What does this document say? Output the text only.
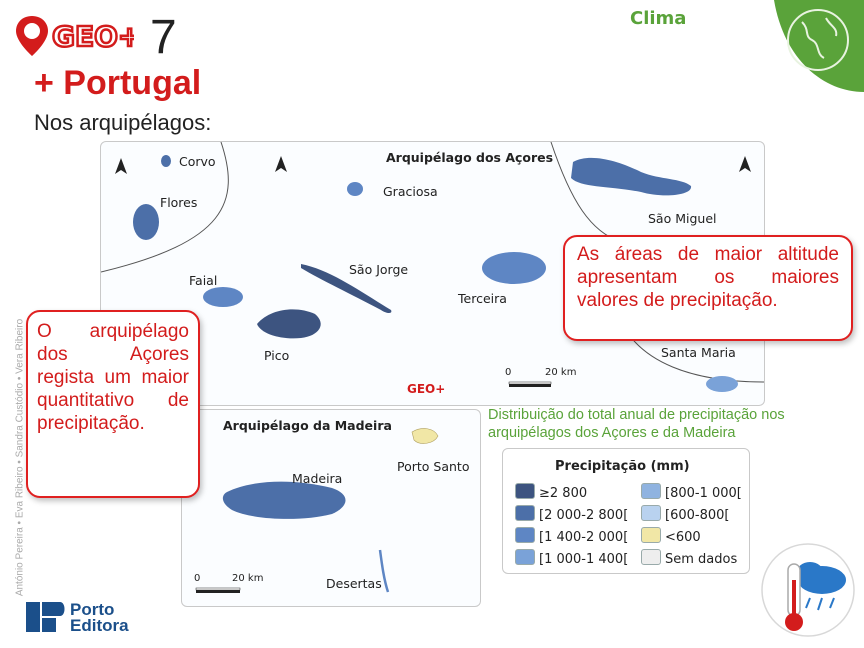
GEO+ 7
+ Portugal
Nos arquipélagos:
Clima
Arquipélago dos Açores
Corvo
Flores
Graciosa
São Miguel
São Jorge
Faial
Terceira
Pico	Santa Maria
0	20 km
GEO+
Arquipélago da Madeira
Porto Santo
Madeira
Desertas
0	20 km
As áreas de maior altitude apresentam os maiores valores de precipitação.
O arquipélago dos Açores regista um maior quantitativo de precipitação.	Distribuição do total anual de precipitação nos arquipélagos dos Açores e da Madeira
Precipitação (mm)
≥2 800	[800-1 000[
[2 000-2 800[	[600-800[
[1 400-2 000[	<600
[1 000-1 400[	Sem dados
António Pereira • Eva Ribeiro • Sandra Custódio • Vera Ribeiro
Porto
Editora
